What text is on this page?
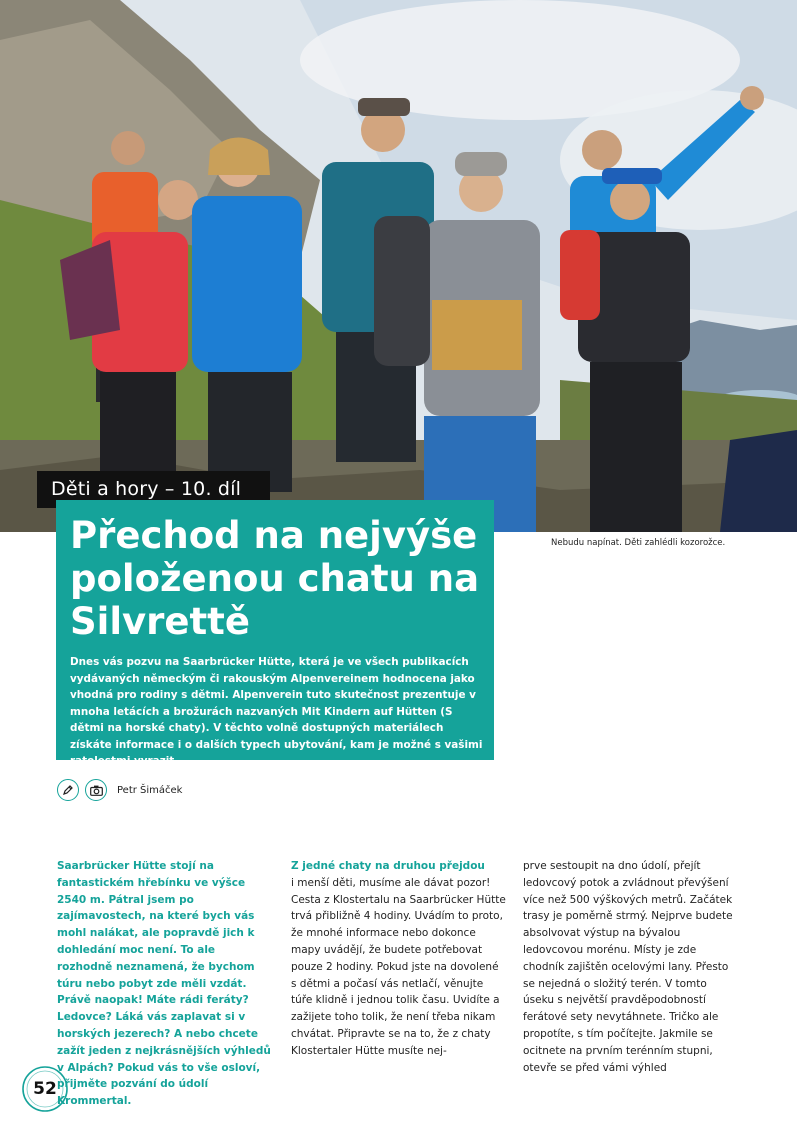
Děti a hory – 10. díl
Přechod na nejvýše položenou chatu na Silvrettě

Dnes vás pozvu na Saarbrücker Hütte, která je ve všech publikacích vydávaných německým či rakouským Alpenvereinem hodnocena jako vhodná pro rodiny s dětmi. Alpenverein tuto skutečnost prezentuje v mnoha letácích a brožurách nazvaných Mit Kindern auf Hütten (S dětmi na horské chaty). V těchto volně dostupných materiálech získáte informace i o dalších typech ubytování, kam je možné s vašimi ratolestmi vyrazit.

Nebudu napínat. Děti zahlédli kozorožce.
Petr Šimáček

Saarbrücker Hütte stojí na fantastickém hřebínku ve výšce 2540 m. Pátral jsem po zajímavostech, na které bych vás mohl nalákat, ale popravdě jich k dohledání moc není. To ale rozhodně neznamená, že bychom túru nebo pobyt zde měli vzdát. Právě naopak! Máte rádi feráty? Ledovce? Láká vás zaplavat si v horských jezerech? A nebo chcete zažít jeden z nejkrásnějších výhledů v Alpách? Pokud vás to vše osloví, přijměte pozvání do údolí Krommertal.

Z jedné chaty na druhou přejdou
i menší děti, musíme ale dávat pozor! Cesta z Klostertalu na Saarbrücker Hütte trvá přibližně 4 hodiny. Uvádím to proto, že mnohé informace nebo dokonce mapy uvádějí, že budete potřebovat pouze 2 hodiny. Pokud jste na dovolené s dětmi a počasí vás netlačí, věnujte túře klidně i jednou tolik času. Uvidíte a zažijete toho tolik, že není třeba nikam chvátat. Připravte se na to, že z chaty Klostertaler Hütte musíte nej-

prve sestoupit na dno údolí, přejít ledovcový potok a zvládnout převýšení více než 500 výškových metrů. Začátek trasy je poměrně strmý. Nejprve budete absolvovat výstup na bývalou ledovcovou morénu. Místy je zde chodník zajištěn ocelovými lany. Přesto se nejedná o složitý terén. V tomto úseku s největší pravděpodobností ferátové sety nevytáhnete. Tričko ale propotíte, s tím počítejte. Jakmile se ocitnete na prvním terénním stupni, otevře se před vámi výhled

52
